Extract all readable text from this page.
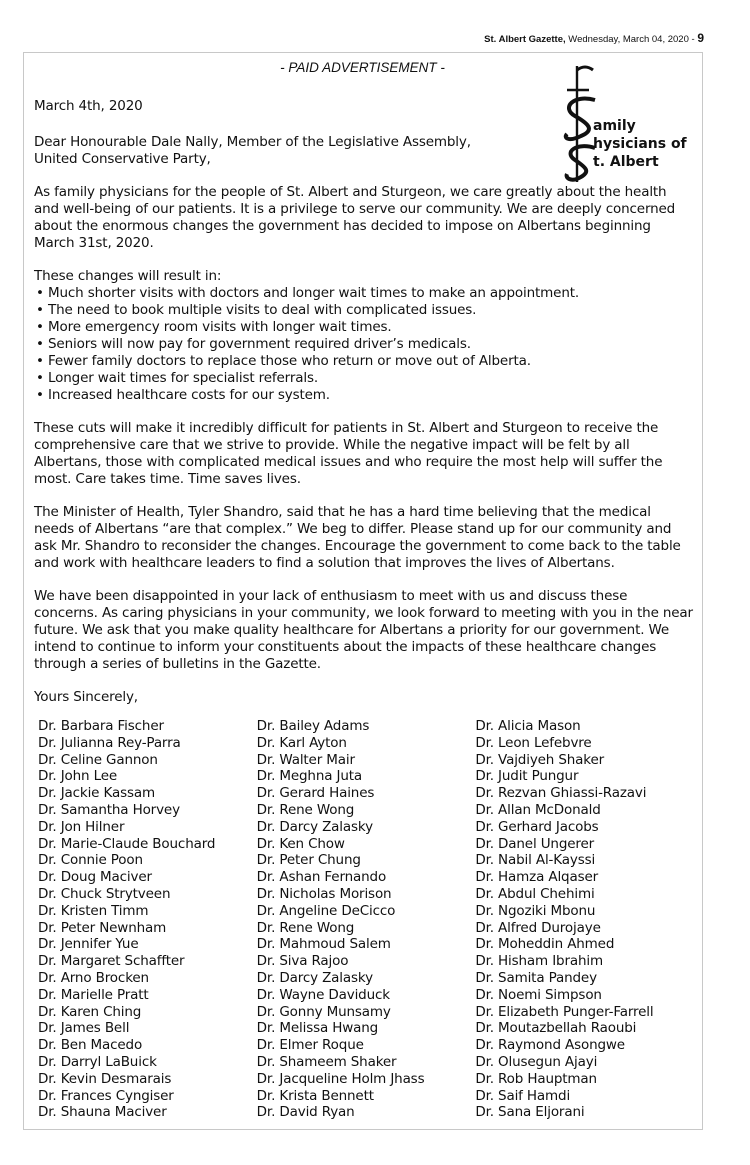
St. Albert Gazette, Wednesday, March 04, 2020 - 9
- PAID ADVERTISEMENT -
amily
hysicians of
t. Albert

March 4th, 2020

Dear Honourable Dale Nally, Member of the Legislative Assembly,

United Conservative Party,

As family physicians for the people of St. Albert and Sturgeon, we care greatly about the health and well-being of our patients. It is a privilege to serve our community. We are deeply concerned about the enormous changes the government has decided to impose on Albertans beginning

March 31st, 2020.

These changes will result in:

• Much shorter visits with doctors and longer wait times to make an appointment.
• The need to book multiple visits to deal with complicated issues.
• More emergency room visits with longer wait times.
• Seniors will now pay for government required driver’s medicals.
• Fewer family doctors to replace those who return or move out of Alberta.
• Longer wait times for specialist referrals.
• Increased healthcare costs for our system.

These cuts will make it incredibly difficult for patients in St. Albert and Sturgeon to receive the comprehensive care that we strive to provide. While the negative impact will be felt by all Albertans, those with complicated medical issues and who require the most help will suffer the most. Care takes time. Time saves lives.

The Minister of Health, Tyler Shandro, said that he has a hard time believing that the medical needs of Albertans “are that complex.” We beg to differ. Please stand up for our community and ask Mr. Shandro to reconsider the changes. Encourage the government to come back to the table and work with healthcare leaders to find a solution that improves the lives of Albertans.

We have been disappointed in your lack of enthusiasm to meet with us and discuss these concerns. As caring physicians in your community, we look forward to meeting with you in the near future. We ask that you make quality healthcare for Albertans a priority for our government. We intend to continue to inform your constituents about the impacts of these healthcare changes through a series of bulletins in the Gazette.

Yours Sincerely,

Dr. Barbara Fischer
Dr. Julianna Rey-Parra
Dr. Celine Gannon
Dr. John Lee
Dr. Jackie Kassam
Dr. Samantha Horvey
Dr. Jon Hilner
Dr. Marie-Claude Bouchard
Dr. Connie Poon
Dr. Doug Maciver
Dr. Chuck Strytveen
Dr. Kristen Timm
Dr. Peter Newnham
Dr. Jennifer Yue
Dr. Margaret Schaffter
Dr. Arno Brocken
Dr. Marielle Pratt
Dr. Karen Ching
Dr. James Bell
Dr. Ben Macedo
Dr. Darryl LaBuick
Dr. Kevin Desmarais
Dr. Frances Cyngiser
Dr. Shauna Maciver
Dr. Bailey Adams
Dr. Karl Ayton
Dr. Walter Mair
Dr. Meghna Juta
Dr. Gerard Haines
Dr. Rene Wong
Dr. Darcy Zalasky
Dr. Ken Chow
Dr. Peter Chung
Dr. Ashan Fernando
Dr. Nicholas Morison
Dr. Angeline DeCicco
Dr. Rene Wong
Dr. Mahmoud Salem
Dr. Siva Rajoo
Dr. Darcy Zalasky
Dr. Wayne Daviduck
Dr. Gonny Munsamy
Dr. Melissa Hwang
Dr. Elmer Roque
Dr. Shameem Shaker
Dr. Jacqueline Holm Jhass
Dr. Krista Bennett
Dr. David Ryan
Dr. Alicia Mason
Dr. Leon Lefebvre
Dr. Vajdiyeh Shaker
Dr. Judit Pungur
Dr. Rezvan Ghiassi-Razavi
Dr. Allan McDonald
Dr. Gerhard Jacobs
Dr. Danel Ungerer
Dr. Nabil Al-Kayssi
Dr. Hamza Alqaser
Dr. Abdul Chehimi
Dr. Ngoziki Mbonu
Dr. Alfred Durojaye
Dr. Moheddin Ahmed
Dr. Hisham Ibrahim
Dr. Samita Pandey
Dr. Noemi Simpson
Dr. Elizabeth Punger-Farrell
Dr. Moutazbellah Raoubi
Dr. Raymond Asongwe
Dr. Olusegun Ajayi
Dr. Rob Hauptman
Dr. Saif Hamdi
Dr. Sana Eljorani
